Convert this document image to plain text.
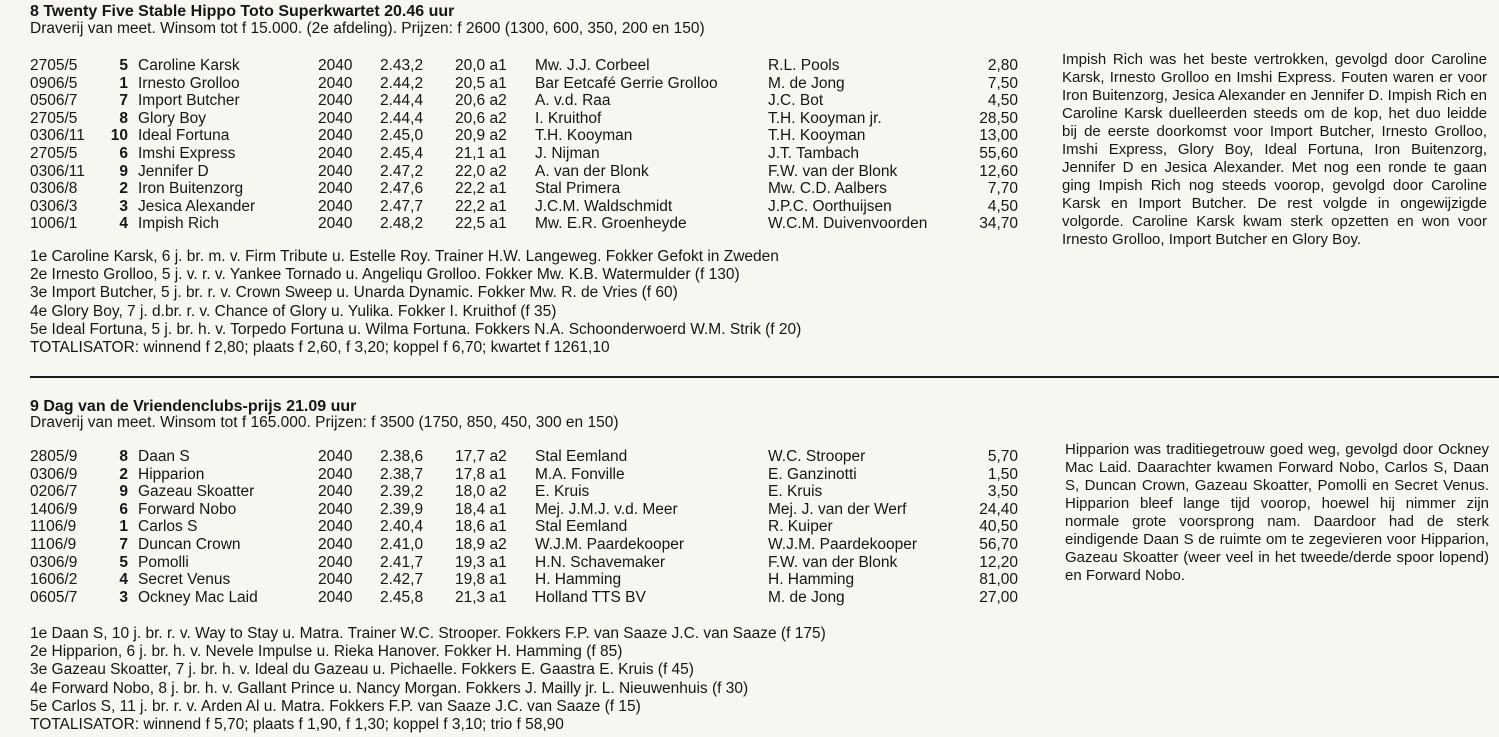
8 Twenty Five Stable Hippo Toto Superkwartet 20.46 uur
Draverij van meet. Winsom tot f 15.000. (2e afdeling). Prijzen: f 2600 (1300, 600, 350, 200 en 150)
2705/5	5 Caroline Karsk	2040 2.43,2 20,0 a1 Mw. J.J. Corbeel	R.L. Pools	2,80
0906/5	1 Irnesto Grolloo	2040 2.44,2 20,5 a1 Bar Eetcafé Gerrie Grolloo	M. de Jong	7,50
0506/7	7 Import Butcher	2040 2.44,4 20,6 a2 A. v.d. Raa	J.C. Bot	4,50
2705/5	8 Glory Boy	2040 2.44,4 20,6 a2 I. Kruithof	T.H. Kooyman jr.	28,50
0306/11 10 Ideal Fortuna	2040 2.45,0 20,9 a2 T.H. Kooyman	T.H. Kooyman	13,00
2705/5	6 Imshi Express	2040 2.45,4 21,1 a1 J. Nijman	J.T. Tambach	55,60
0306/11	9 Jennifer D	2040 2.47,2 22,0 a2 A. van der Blonk	F.W. van der Blonk	12,60
0306/8	2 Iron Buitenzorg	2040 2.47,6 22,2 a1 Stal Primera	Mw. C.D. Aalbers	7,70
0306/3	3 Jesica Alexander	2040 2.47,7 22,2 a1 J.C.M. Waldschmidt	J.P.C. Oorthuijsen	4,50
1006/1	4 Impish Rich	2040 2.48,2 22,5 a1 Mw. E.R. Groenheyde	W.C.M. Duivenvoorden	34,70
1e Caroline Karsk, 6 j. br. m. v. Firm Tribute u. Estelle Roy. Trainer H.W. Langeweg. Fokker Gefokt in Zweden
2e Irnesto Grolloo, 5 j. v. r. v. Yankee Tornado u. Angeliqu Grolloo. Fokker Mw. K.B. Watermulder (f 130)
3e Import Butcher, 5 j. br. r. v. Crown Sweep u. Unarda Dynamic. Fokker Mw. R. de Vries (f 60)
4e Glory Boy, 7 j. d.br. r. v. Chance of Glory u. Yulika. Fokker I. Kruithof (f 35)
5e Ideal Fortuna, 5 j. br. h. v. Torpedo Fortuna u. Wilma Fortuna. Fokkers N.A. Schoonderwoerd W.M. Strik (f 20)
TOTALISATOR: winnend f 2,80; plaats f 2,60, f 3,20; koppel f 6,70; kwartet f 1261,10
Impish Rich was het beste vertrokken, gevolgd door Caroline Karsk, Irnesto Grolloo en Imshi Express. Fouten waren er voor Iron Buitenzorg, Jesica Alexander en Jennifer D. Impish Rich en Caroline Karsk duelleerden steeds om de kop, het duo leidde bij de eerste doorkomst voor Import Butcher, Irnesto Grolloo, Imshi Express, Glory Boy, Ideal Fortuna, Iron Buitenzorg, Jennifer D en Jesica Alexander. Met nog een ronde te gaan ging Impish Rich nog steeds voorop, gevolgd door Caroline Karsk en Import Butcher. De rest volgde in ongewijzigde volgorde. Caroline Karsk kwam sterk opzetten en won voor Irnesto Grolloo, Import Butcher en Glory Boy.
9 Dag van de Vriendenclubs-prijs 21.09 uur
Draverij van meet. Winsom tot f 165.000. Prijzen: f 3500 (1750, 850, 450, 300 en 150)
2805/9	8 Daan S	2040 2.38,6 17,7 a2 Stal Eemland	W.C. Strooper	5,70
0306/9	2 Hipparion	2040 2.38,7 17,8 a1 M.A. Fonville	E. Ganzinotti	1,50
0206/7	9 Gazeau Skoatter	2040 2.39,2 18,0 a2 E. Kruis	E. Kruis	3,50
1406/9	6 Forward Nobo	2040 2.39,9 18,4 a1 Mej. J.M.J. v.d. Meer	Mej. J. van der Werf	24,40
1106/9	1 Carlos S	2040 2.40,4 18,6 a1 Stal Eemland	R. Kuiper	40,50
1106/9	7 Duncan Crown	2040 2.41,0 18,9 a2 W.J.M. Paardekooper	W.J.M. Paardekooper	56,70
0306/9	5 Pomolli	2040 2.41,7 19,3 a1 H.N. Schavemaker	F.W. van der Blonk	12,20
1606/2	4 Secret Venus	2040 2.42,7 19,8 a1 H. Hamming	H. Hamming	81,00
0605/7	3 Ockney Mac Laid	2040 2.45,8 21,3 a1 Holland TTS BV	M. de Jong	27,00
1e Daan S, 10 j. br. r. v. Way to Stay u. Matra. Trainer W.C. Strooper. Fokkers F.P. van Saaze J.C. van Saaze (f 175)
2e Hipparion, 6 j. br. h. v. Nevele Impulse u. Rieka Hanover. Fokker H. Hamming (f 85)
3e Gazeau Skoatter, 7 j. br. h. v. Ideal du Gazeau u. Pichaelle. Fokkers E. Gaastra E. Kruis (f 45)
4e Forward Nobo, 8 j. br. h. v. Gallant Prince u. Nancy Morgan. Fokkers J. Mailly jr. L. Nieuwenhuis (f 30)
5e Carlos S, 11 j. br. r. v. Arden Al u. Matra. Fokkers F.P. van Saaze J.C. van Saaze (f 15)
TOTALISATOR: winnend f 5,70; plaats f 1,90, f 1,30; koppel f 3,10; trio f 58,90
Hipparion was traditiegetrouw goed weg, gevolgd door Ockney Mac Laid. Daarachter kwamen Forward Nobo, Carlos S, Daan S, Duncan Crown, Gazeau Skoatter, Pomolli en Secret Venus. Hipparion bleef lange tijd voorop, hoewel hij nimmer zijn normale grote voorsprong nam. Daardoor had de sterk eindigende Daan S de ruimte om te zegevieren voor Hipparion, Gazeau Skoatter (weer veel in het tweede/derde spoor lopend) en Forward Nobo.
